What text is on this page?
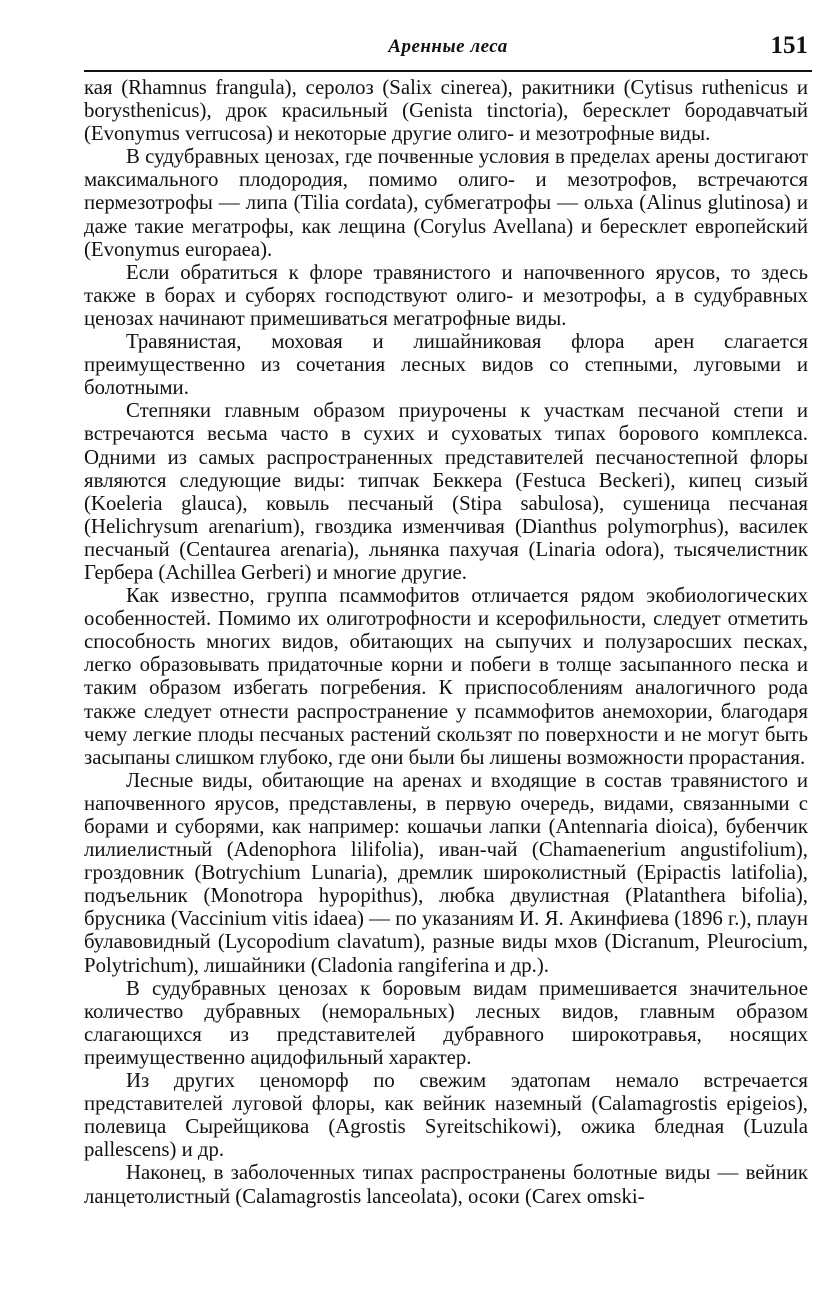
Аренные леса	151

кая (Rhamnus frangula), серолоз (Salix cinerea), ракитники (Cytisus ruthenicus и borysthenicus), дрок красильный (Genista tinctoria), бересклет бородавчатый (Evonymus verrucosa) и некоторые другие олиго- и мезотрофные виды.

В судубравных ценозах, где почвенные условия в пределах арены достигают максимального плодородия, помимо олиго- и мезотрофов, встречаются пермезотрофы — липа (Tilia cordata), субмегатрофы — ольха (Alinus glutinosa) и даже такие мегатрофы, как лещина (Corylus Avellana) и бересклет европейский (Evonymus europaea).

Если обратиться к флоре травянистого и напочвенного ярусов, то здесь также в борах и суборях господствуют олиго- и мезотрофы, а в судубравных ценозах начинают примешиваться мегатрофные виды.

Травянистая, моховая и лишайниковая флора арен слагается преимущественно из сочетания лесных видов со степными, луговыми и болотными.

Степняки главным образом приурочены к участкам песчаной степи и встречаются весьма часто в сухих и суховатых типах борового комплекса. Одними из самых распространенных представителей песчаностепной флоры являются следующие виды: типчак Беккера (Festuca Beckeri), кипец сизый (Koeleria glauca), ковыль песчаный (Stipa sabulosa), сушеница песчаная (Helichrysum arenarium), гвоздика изменчивая (Dianthus polymorphus), василек песчаный (Centaurea arenaria), льнянка пахучая (Linaria odora), тысячелистник Гербера (Achillea Gerberi) и многие другие.

Как известно, группа псаммофитов отличается рядом экобиологических особенностей. Помимо их олиготрофности и ксерофильности, следует отметить способность многих видов, обитающих на сыпучих и полузаросших песках, легко образовывать придаточные корни и побеги в толще засыпанного песка и таким образом избегать погребения. К приспособлениям аналогичного рода также следует отнести распространение у псаммофитов анемохории, благодаря чему легкие плоды песчаных растений скользят по поверхности и не могут быть засыпаны слишком глубоко, где они были бы лишены возможности прорастания.

Лесные виды, обитающие на аренах и входящие в состав травянистого и напочвенного ярусов, представлены, в первую очередь, видами, связанными с борами и суборями, как например: кошачьи лапки (Antennaria dioica), бубенчик лилиелистный (Adenophora lilifolia), иван-чай (Chamaenerium angustifolium), гроздовник (Botrychium Lunaria), дремлик широколистный (Epipactis latifolia), подъельник (Monotropa hypopithus), любка двулистная (Platanthera bifolia), брусника (Vaccinium vitis idaea) — по указаниям И. Я. Акинфиева (1896 г.), плаун булавовидный (Lycopodium clavatum), разные виды мхов (Dicranum, Pleurocium, Polytrichum), лишайники (Cladonia rangiferina и др.).

В судубравных ценозах к боровым видам примешивается значительное количество дубравных (неморальных) лесных видов, главным образом слагающихся из представителей дубравного широкотравья, носящих преимущественно ацидофильный характер.

Из других ценоморф по свежим эдатопам немало встречается представителей луговой флоры, как вейник наземный (Calamagrostis epigeios), полевица Сырейщикова (Agrostis Syreitschikowi), ожика бледная (Luzula pallescens) и др.

Наконец, в заболоченных типах распространены болотные виды — вейник ланцетолистный (Calamagrostis lanceolata), осоки (Carex omski-
